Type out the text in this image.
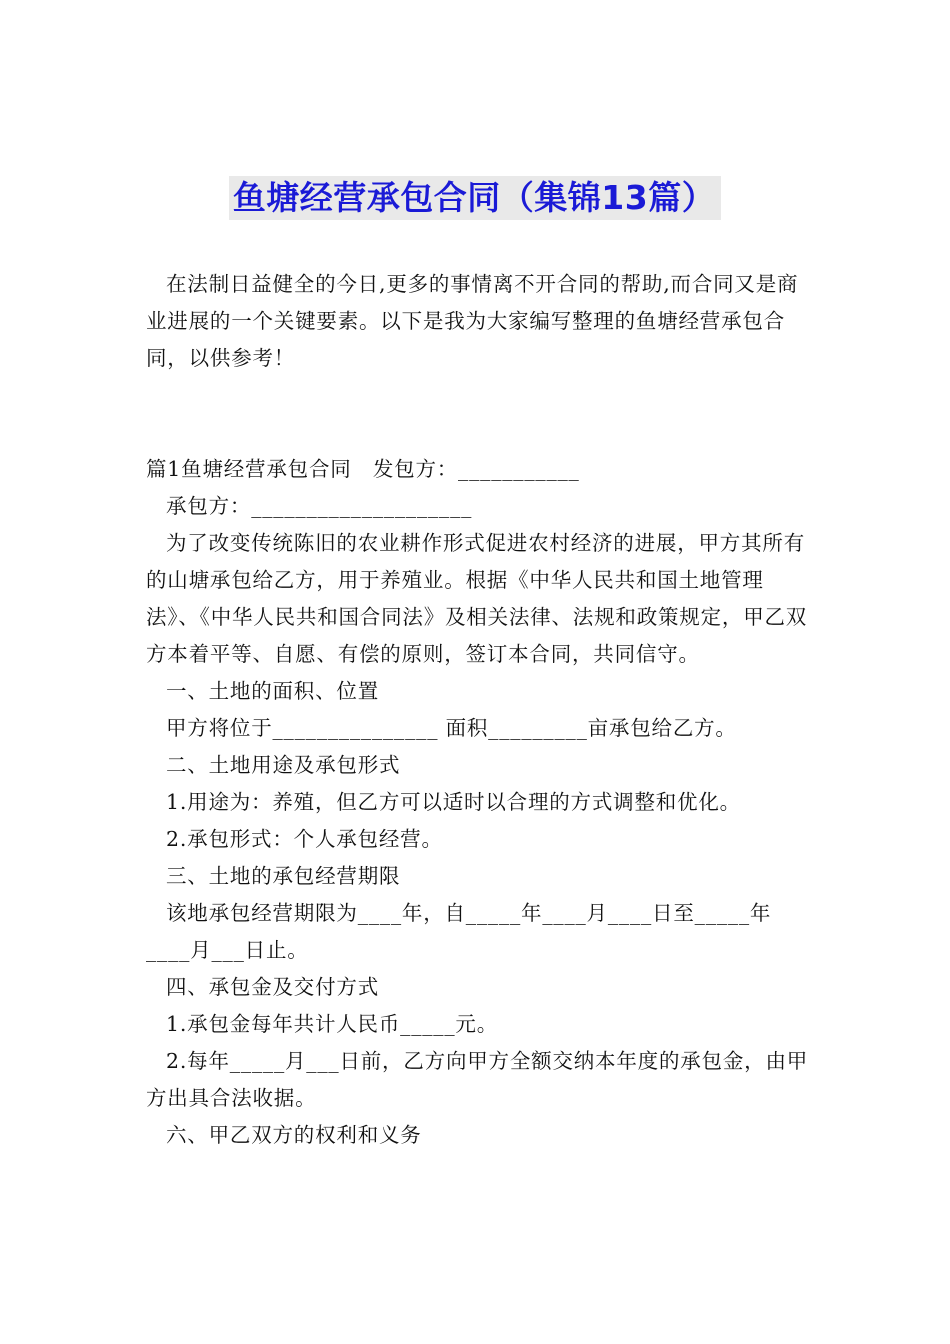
鱼塘经营承包合同（集锦13篇）

在法制日益健全的今日,更多的事情离不开合同的帮助,而合同又是商业进展的一个关键要素。以下是我为大家编写整理的鱼塘经营承包合同，以供参考！

篇1鱼塘经营承包合同　发包方：___________

承包方：____________________

为了改变传统陈旧的农业耕作形式促进农村经济的进展，甲方其所有的山塘承包给乙方，用于养殖业。根据《中华人民共和国土地管理法》、《中华人民共和国合同法》及相关法律、法规和政策规定，甲乙双方本着平等、自愿、有偿的原则，签订本合同，共同信守。

一、土地的面积、位置

甲方将位于_______________ 面积_________亩承包给乙方。

二、土地用途及承包形式

1.用途为：养殖，但乙方可以适时以合理的方式调整和优化。

2.承包形式：个人承包经营。

三、土地的承包经营期限

该地承包经营期限为____年，自_____年____月____日至_____年____月___日止。

四、承包金及交付方式

1.承包金每年共计人民币_____元。

2.每年_____月___日前，乙方向甲方全额交纳本年度的承包金，由甲方出具合法收据。

六、甲乙双方的权利和义务
